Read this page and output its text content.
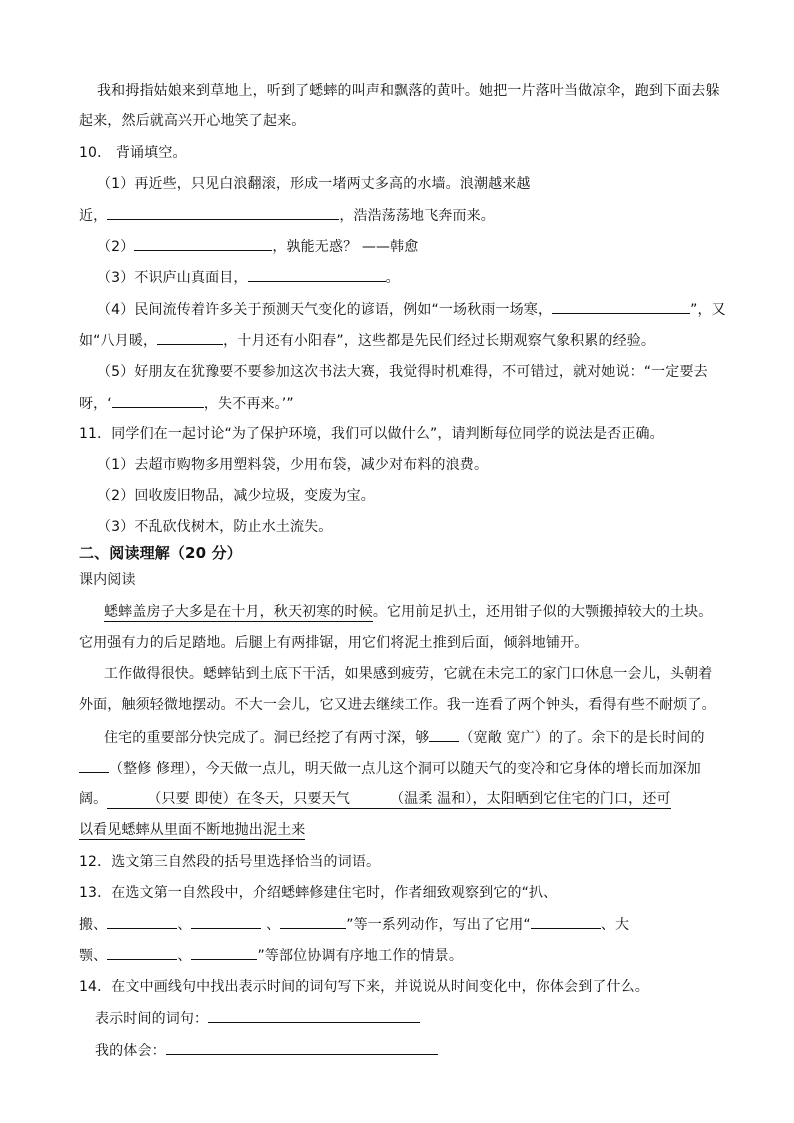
我和拇指姑娘来到草地上，听到了蟋蟀的叫声和飘落的黄叶。她把一片落叶当做凉伞，跑到下面去躲
起来，然后就高兴开心地笑了起来。
10． 背诵填空。
（1）再近些，只见白浪翻滚，形成一堵两丈多高的水墙。浪潮越来越
近，	，浩浩荡荡地飞奔而来。
（2）	，孰能无惑？ ——韩愈
（3）不识庐山真面目，	。
（4）民间流传着许多关于预测天气变化的谚语，例如“一场秋雨一场寒，	”，又
如“八月暖，	，十月还有小阳春”，这些都是先民们经过长期观察气象积累的经验。
（5）好朋友在犹豫要不要参加这次书法大赛，我觉得时机难得，不可错过，就对她说：“一定要去
呀，‘	，失不再来。’”
11．同学们在一起讨论“为了保护环境，我们可以做什么”，请判断每位同学的说法是否正确。
（1）去超市购物多用塑料袋，少用布袋，减少对布料的浪费。
（2）回收废旧物品，减少垃圾，变废为宝。
（3）不乱砍伐树木，防止水土流失。
二、阅读理解（20 分）
课内阅读
蟋蟀盖房子大多是在十月，秋天初寒的时候。它用前足扒土，还用钳子似的大颚搬掉较大的土块。
它用强有力的后足踏地。后腿上有两排锯，用它们将泥土推到后面，倾斜地铺开。
工作做得很快。蟋蟀钻到土底下干活，如果感到疲劳，它就在未完工的家门口休息一会儿，头朝着
外面，触须轻微地摆动。不大一会儿，它又进去继续工作。我一连看了两个钟头，看得有些不耐烦了。
住宅的重要部分快完成了。洞已经挖了有两寸深，够 （宽敞 宽广）的了。余下的是长时间的
（整修 修理），今天做一点儿，明天做一点儿这个洞可以随天气的变冷和它身体的增长而加深加
阔。	（只要 即使）在冬天，只要天气	（温柔 温和），太阳晒到它住宅的门口，还可
以看见蟋蟀从里面不断地抛出泥土来
12．选文第三自然段的括号里选择恰当的词语。
13．在选文第一自然段中，介绍蟋蟀修建住宅时，作者细致观察到它的“扒、
搬、	、	、	”等一系列动作，写出了它用“	、大
颚、	、	”等部位协调有序地工作的情景。
14．在文中画线句中找出表示时间的词句写下来，并说说从时间变化中，你体会到了什么。
表示时间的词句：
我的体会：
